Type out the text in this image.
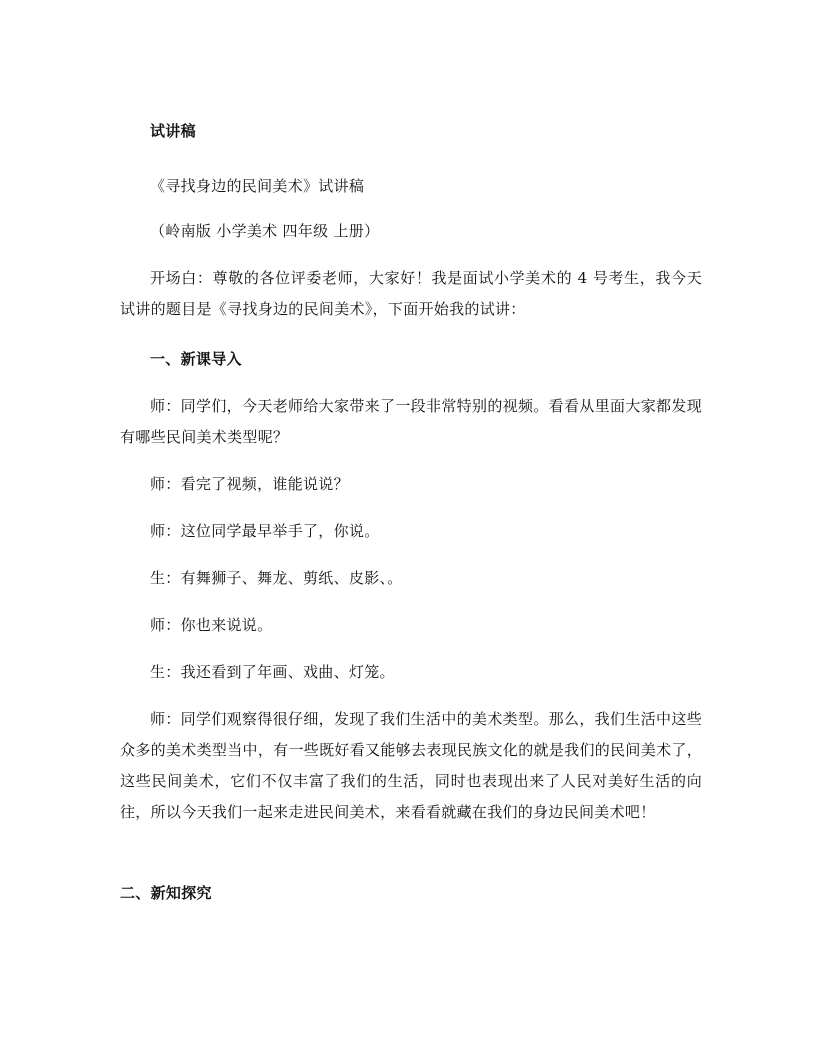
试讲稿
《寻找身边的民间美术》试讲稿
（岭南版 小学美术 四年级 上册）
开场白：尊敬的各位评委老师，大家好！我是面试小学美术的 4 号考生，我今天试讲的题目是《寻找身边的民间美术》，下面开始我的试讲：
一、新课导入
师：同学们，今天老师给大家带来了一段非常特别的视频。看看从里面大家都发现有哪些民间美术类型呢？
师：看完了视频，谁能说说？
师：这位同学最早举手了，你说。
生：有舞狮子、舞龙、剪纸、皮影、。
师：你也来说说。
生：我还看到了年画、戏曲、灯笼。
师：同学们观察得很仔细，发现了我们生活中的美术类型。那么，我们生活中这些众多的美术类型当中，有一些既好看又能够去表现民族文化的就是我们的民间美术了，这些民间美术，它们不仅丰富了我们的生活，同时也表现出来了人民对美好生活的向往，所以今天我们一起来走进民间美术，来看看就藏在我们的身边民间美术吧！
二、新知探究
